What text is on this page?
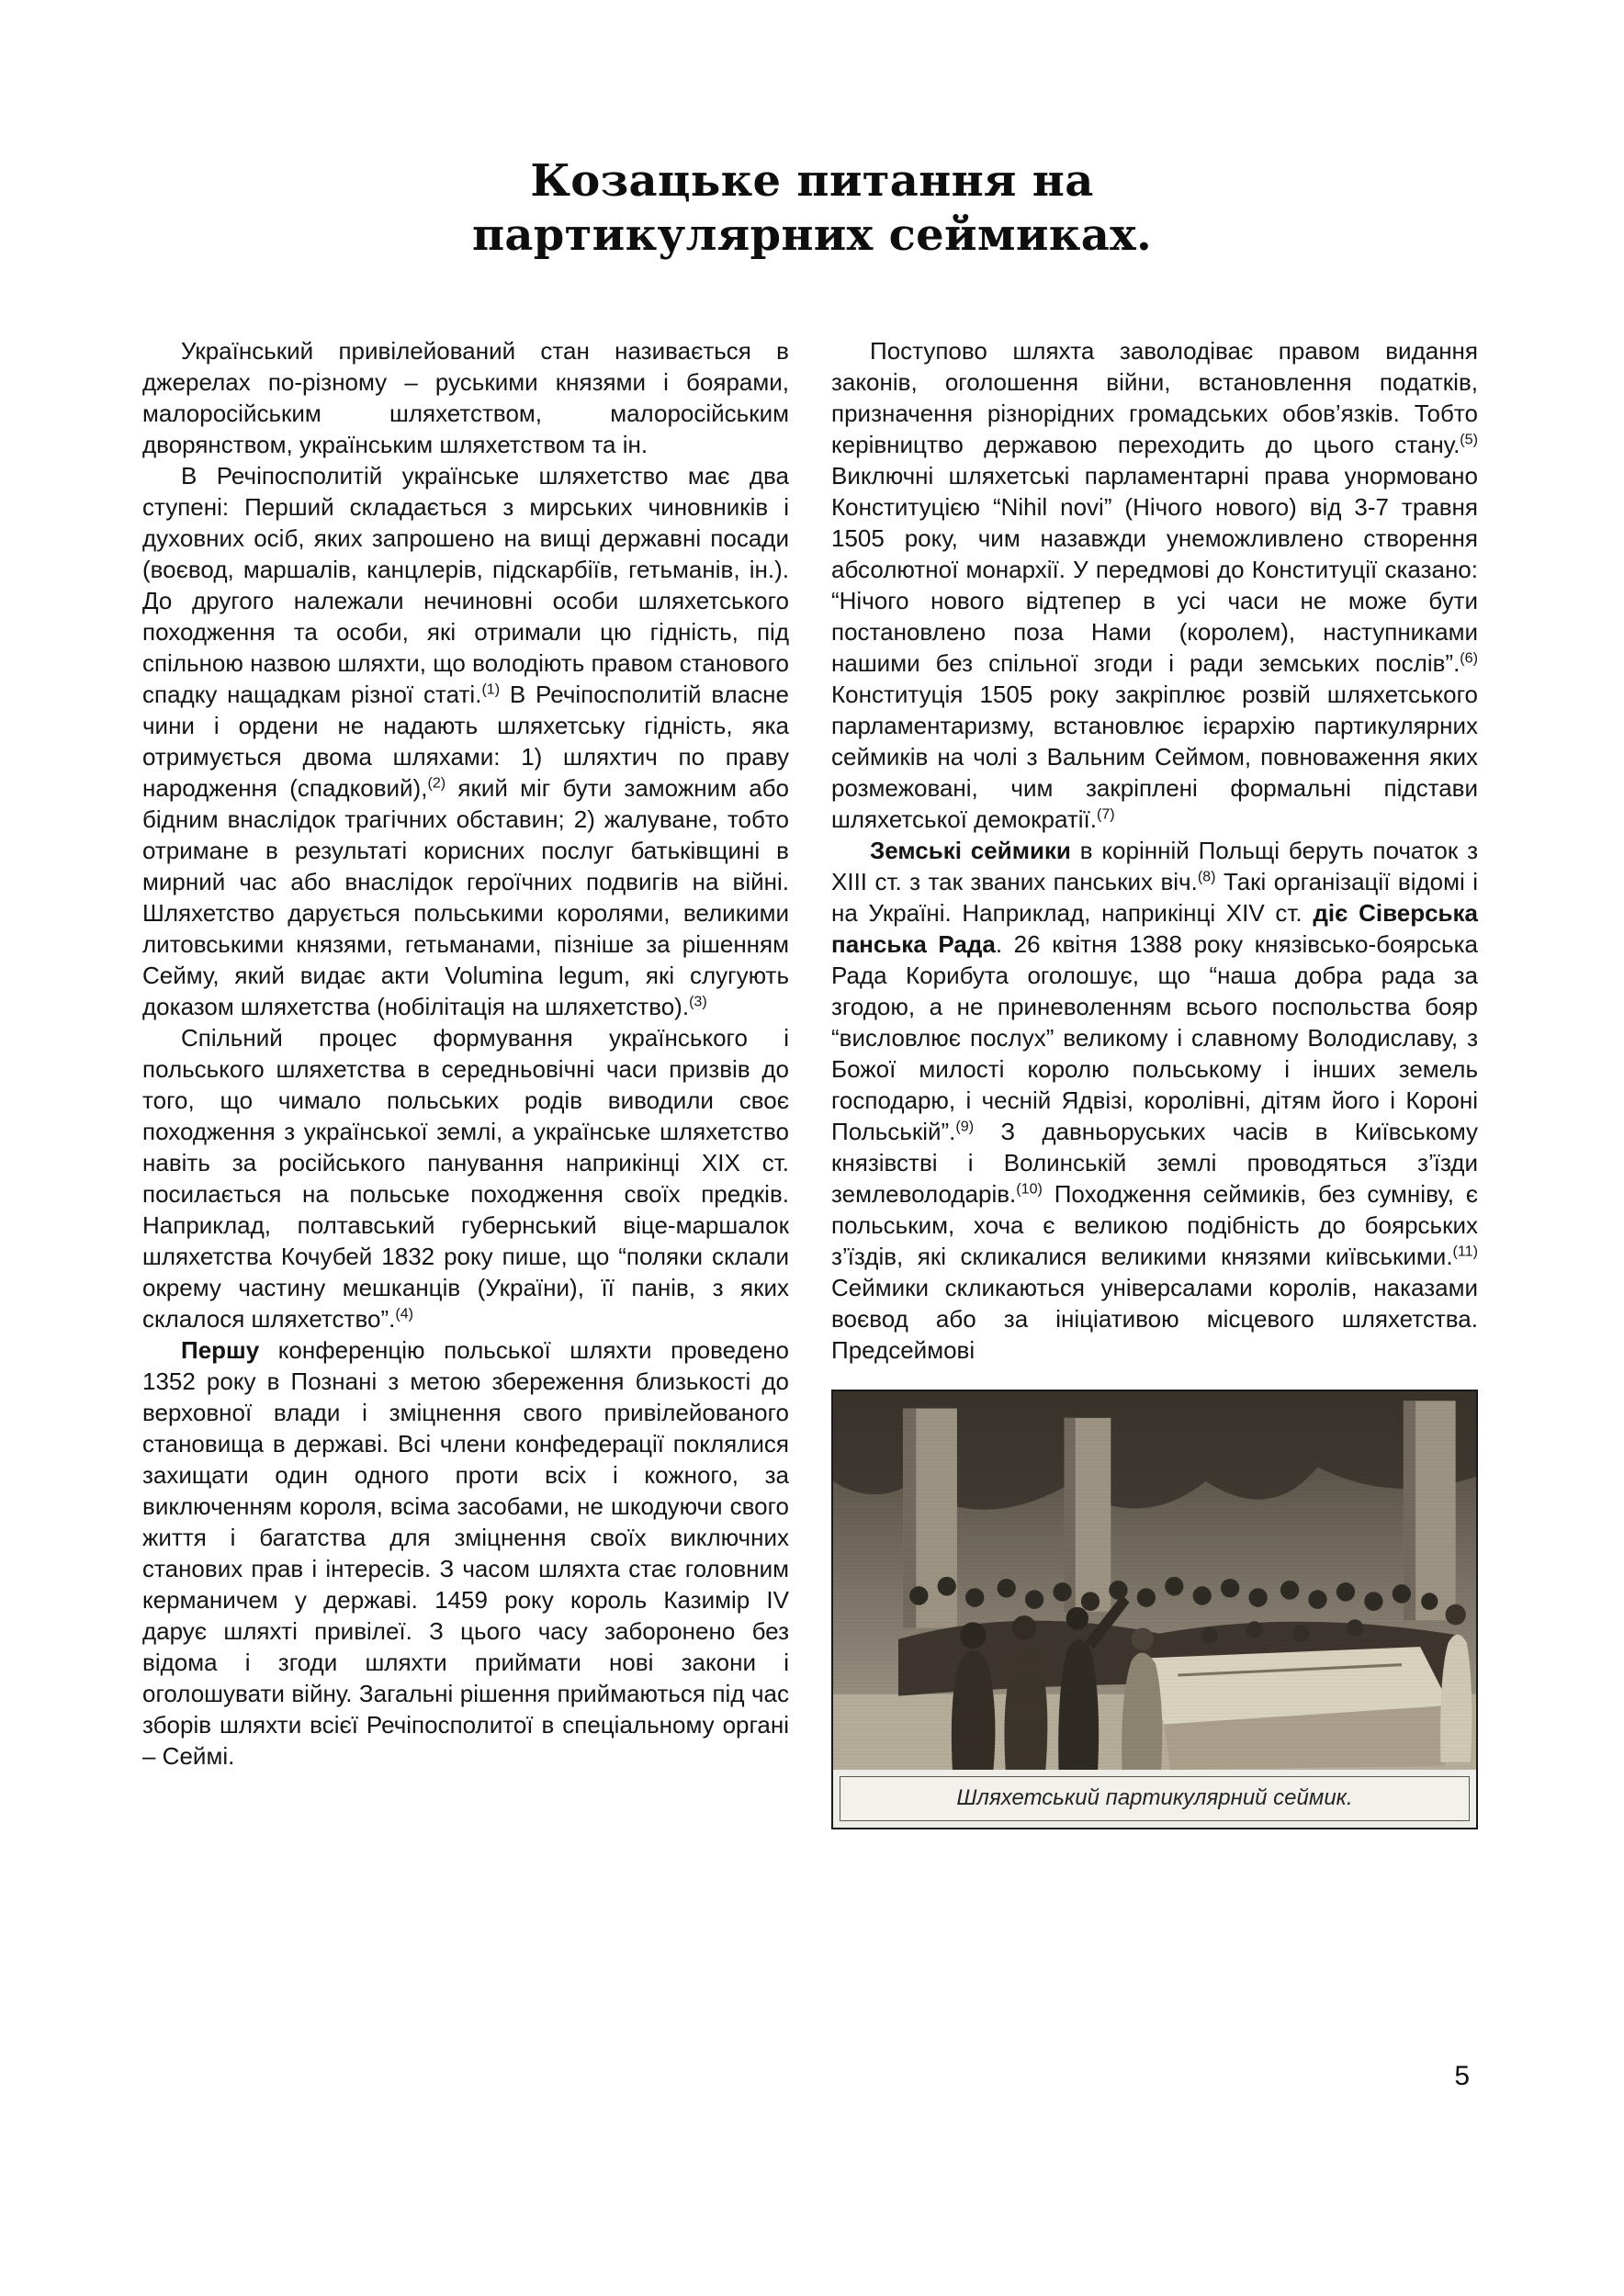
Козацьке питання на партикулярних сеймиках.

Український привілейований стан називається в джерелах по-різному – руськими князями і боярами, малоросійським шляхетством, малоросійським дворянством, українським шляхетством та ін.

В Речіпосполитій українське шляхетство має два ступені: Перший складається з мирських чиновників і духовних осіб, яких запрошено на вищі державні посади (воєвод, маршалів, канцлерів, підскарбіїв, гетьманів, ін.). До другого належали нечиновні особи шляхетського походження та особи, які отримали цю гідність, під спільною назвою шляхти, що володіють правом станового спадку нащадкам різної статі.$^{(1)}$ В Речіпосполитій власне чини і ордени не надають шляхетську гідність, яка отримується двома шляхами: 1) шляхтич по праву народження (спадковий),$^{(2)}$ який міг бути заможним або бідним внаслідок трагічних обставин; 2) жалуване, тобто отримане в результаті корисних послуг батьківщині в мирний час або внаслідок героїчних подвигів на війні. Шляхетство дарується польськими королями, великими литовськими князями, гетьманами, пізніше за рішенням Сейму, який видає акти Volumina legum, які слугують доказом шляхетства (нобілітація на шляхетство).$^{(3)}$

Спільний процес формування українського і польського шляхетства в середньовічні часи призвів до того, що чимало польських родів виводили своє походження з української землі, а українське шляхетство навіть за російського панування наприкінці XIX ст. посилається на польське походження своїх предків. Наприклад, полтавський губернський віце-маршалок шляхетства Кочубей 1832 року пише, що “поляки склали окрему частину мешканців (України), її панів, з яких склалося шляхетство”.$^{(4)}$

Першу конференцію польської шляхти проведено 1352 року в Познані з метою збереження близькості до верховної влади і зміцнення свого привілейованого становища в державі. Всі члени конфедерації поклялися захищати один одного проти всіх і кожного, за виключенням короля, всіма засобами, не шкодуючи свого життя і багатства для зміцнення своїх виключних станових прав і інтересів. З часом шляхта стає головним керманичем у державі. 1459 року король Казимір IV дарує шляхті привілеї. З цього часу заборонено без відома і згоди шляхти приймати нові закони і оголошувати війну. Загальні рішення приймаються під час зборів шляхти всієї Речіпосполитої в спеціальному органі – Сеймі.

Поступово шляхта заволодіває правом видання законів, оголошення війни, встановлення податків, призначення різнорідних громадських обов’язків. Тобто керівництво державою переходить до цього стану.$^{(5)}$ Виключні шляхетські парламентарні права унормовано Конституцією “Nihil novi” (Нічого нового) від 3-7 травня 1505 року, чим назавжди унеможливлено створення абсолютної монархії. У передмові до Конституції сказано: “Нічого нового відтепер в усі часи не може бути постановлено поза Нами (королем), наступниками нашими без спільної згоди і ради земських послів”.$^{(6)}$ Конституція 1505 року закріплює розвій шляхетського парламентаризму, встановлює ієрархію партикулярних сеймиків на чолі з Вальним Сеймом, повноваження яких розмежовані, чим закріплені формальні підстави шляхетської демократії.$^{(7)}$

Земські сеймики в корінній Польщі беруть початок з XIII ст. з так званих панських віч.$^{(8)}$ Такі організації відомі і на Україні. Наприклад, наприкінці XIV ст. діє Сіверська панська Рада. 26 квітня 1388 року князівсько-боярська Рада Корибута оголошує, що “наша добра рада за згодою, а не приневоленням всього поспольства бояр “висловлює послух” великому і славному Володиславу, з Божої милості королю польському і інших земель господарю, і чесній Ядвізі, королівні, дітям його і Короні Польській”.$^{(9)}$ З давньоруських часів в Київському князівстві і Волинській землі проводяться з’їзди землеволодарів.$^{(10)}$ Походження сеймиків, без сумніву, є польським, хоча є великою подібність до боярських з’їздів, які скликалися великими князями київськими.$^{(11)}$ Сеймики скликаються універсалами королів, наказами воєвод або за ініціативою місцевого шляхетства. Предсеймові

Шляхетський партикулярний сеймик.
5
